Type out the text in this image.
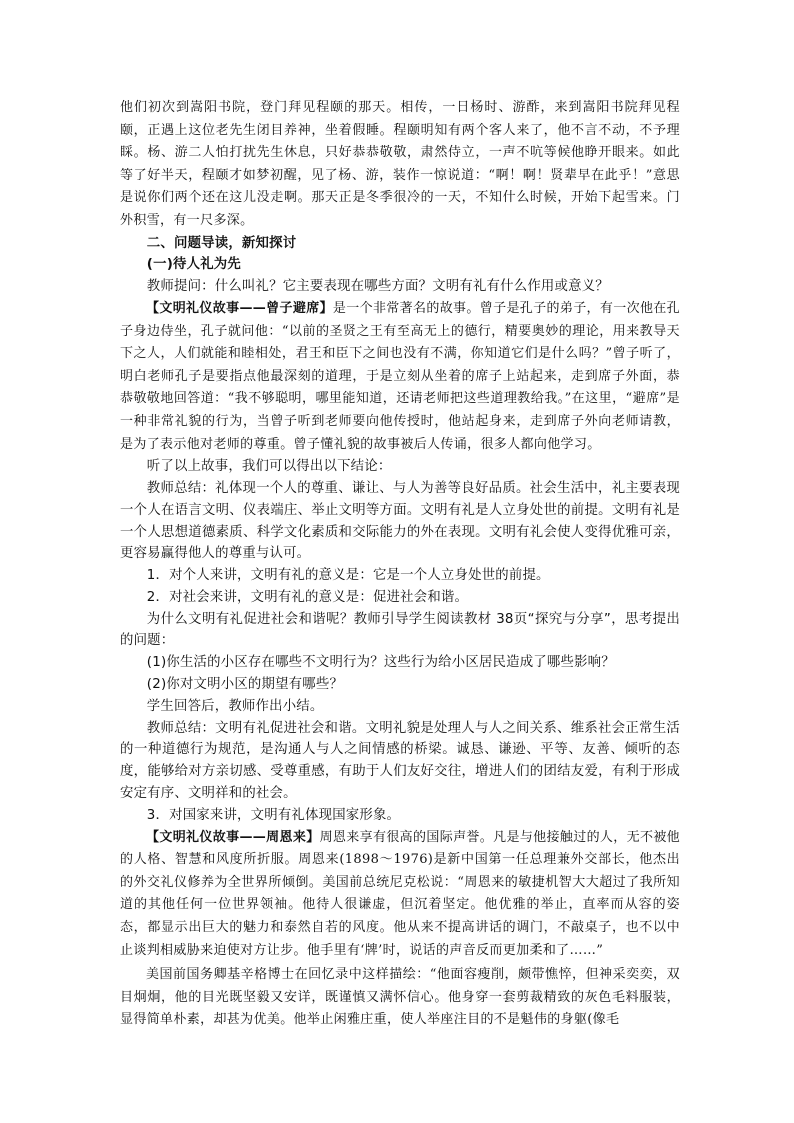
他们初次到嵩阳书院，登门拜见程颐的那天。相传，一日杨时、游酢，来到嵩阳书院拜见程颐，正遇上这位老先生闭目养神，坐着假睡。程颐明知有两个客人来了，他不言不动，不予理睬。杨、游二人怕打扰先生休息，只好恭恭敬敬，肃然侍立，一声不吭等候他睁开眼来。如此等了好半天，程颐才如梦初醒，见了杨、游，装作一惊说道：“啊！啊！贤辈早在此乎！”意思是说你们两个还在这儿没走啊。那天正是冬季很冷的一天，不知什么时候，开始下起雪来。门外积雪，有一尺多深。

二、问题导读，新知探讨

(一)待人礼为先

教师提问：什么叫礼？它主要表现在哪些方面？文明有礼有什么作用或意义？

【文明礼仪故事——曾子避席】是一个非常著名的故事。曾子是孔子的弟子，有一次他在孔子身边侍坐，孔子就问他：“以前的圣贤之王有至高无上的德行，精要奥妙的理论，用来教导天下之人，人们就能和睦相处，君王和臣下之间也没有不满，你知道它们是什么吗？”曾子听了，明白老师孔子是要指点他最深刻的道理，于是立刻从坐着的席子上站起来，走到席子外面，恭恭敬敬地回答道：“我不够聪明，哪里能知道，还请老师把这些道理教给我。”在这里，“避席”是一种非常礼貌的行为，当曾子听到老师要向他传授时，他站起身来，走到席子外向老师请教，是为了表示他对老师的尊重。曾子懂礼貌的故事被后人传诵，很多人都向他学习。

听了以上故事，我们可以得出以下结论：

教师总结：礼体现一个人的尊重、谦让、与人为善等良好品质。社会生活中，礼主要表现一个人在语言文明、仪表端庄、举止文明等方面。文明有礼是人立身处世的前提。文明有礼是一个人思想道德素质、科学文化素质和交际能力的外在表现。文明有礼会使人变得优雅可亲，更容易赢得他人的尊重与认可。

1．对个人来讲，文明有礼的意义是：它是一个人立身处世的前提。

2．对社会来讲，文明有礼的意义是：促进社会和谐。

为什么文明有礼促进社会和谐呢？教师引导学生阅读教材 38页“探究与分享”，思考提出的问题：

(1)你生活的小区存在哪些不文明行为？这些行为给小区居民造成了哪些影响？

(2)你对文明小区的期望有哪些？

学生回答后，教师作出小结。

教师总结：文明有礼促进社会和谐。文明礼貌是处理人与人之间关系、维系社会正常生活的一种道德行为规范，是沟通人与人之间情感的桥梁。诚恳、谦逊、平等、友善、倾听的态度，能够给对方亲切感、受尊重感，有助于人们友好交往，增进人们的团结友爱，有利于形成安定有序、文明祥和的社会。

3．对国家来讲，文明有礼体现国家形象。

【文明礼仪故事——周恩来】周恩来享有很高的国际声誉。凡是与他接触过的人，无不被他的人格、智慧和风度所折服。周恩来(1898～1976)是新中国第一任总理兼外交部长，他杰出的外交礼仪修养为全世界所倾倒。美国前总统尼克松说：“周恩来的敏捷机智大大超过了我所知道的其他任何一位世界领袖。他待人很谦虚，但沉着坚定。他优雅的举止，直率而从容的姿态，都显示出巨大的魅力和泰然自若的风度。他从来不提高讲话的调门，不敲桌子，也不以中止谈判相威胁来迫使对方让步。他手里有‘牌’时，说话的声音反而更加柔和了……”

美国前国务卿基辛格博士在回忆录中这样描绘：“他面容瘦削，颇带憔悴，但神采奕奕，双目炯炯，他的目光既坚毅又安详，既谨慎又满怀信心。他身穿一套剪裁精致的灰色毛料服装，显得简单朴素，却甚为优美。他举止闲雅庄重，使人举座注目的不是魁伟的身躯(像毛
